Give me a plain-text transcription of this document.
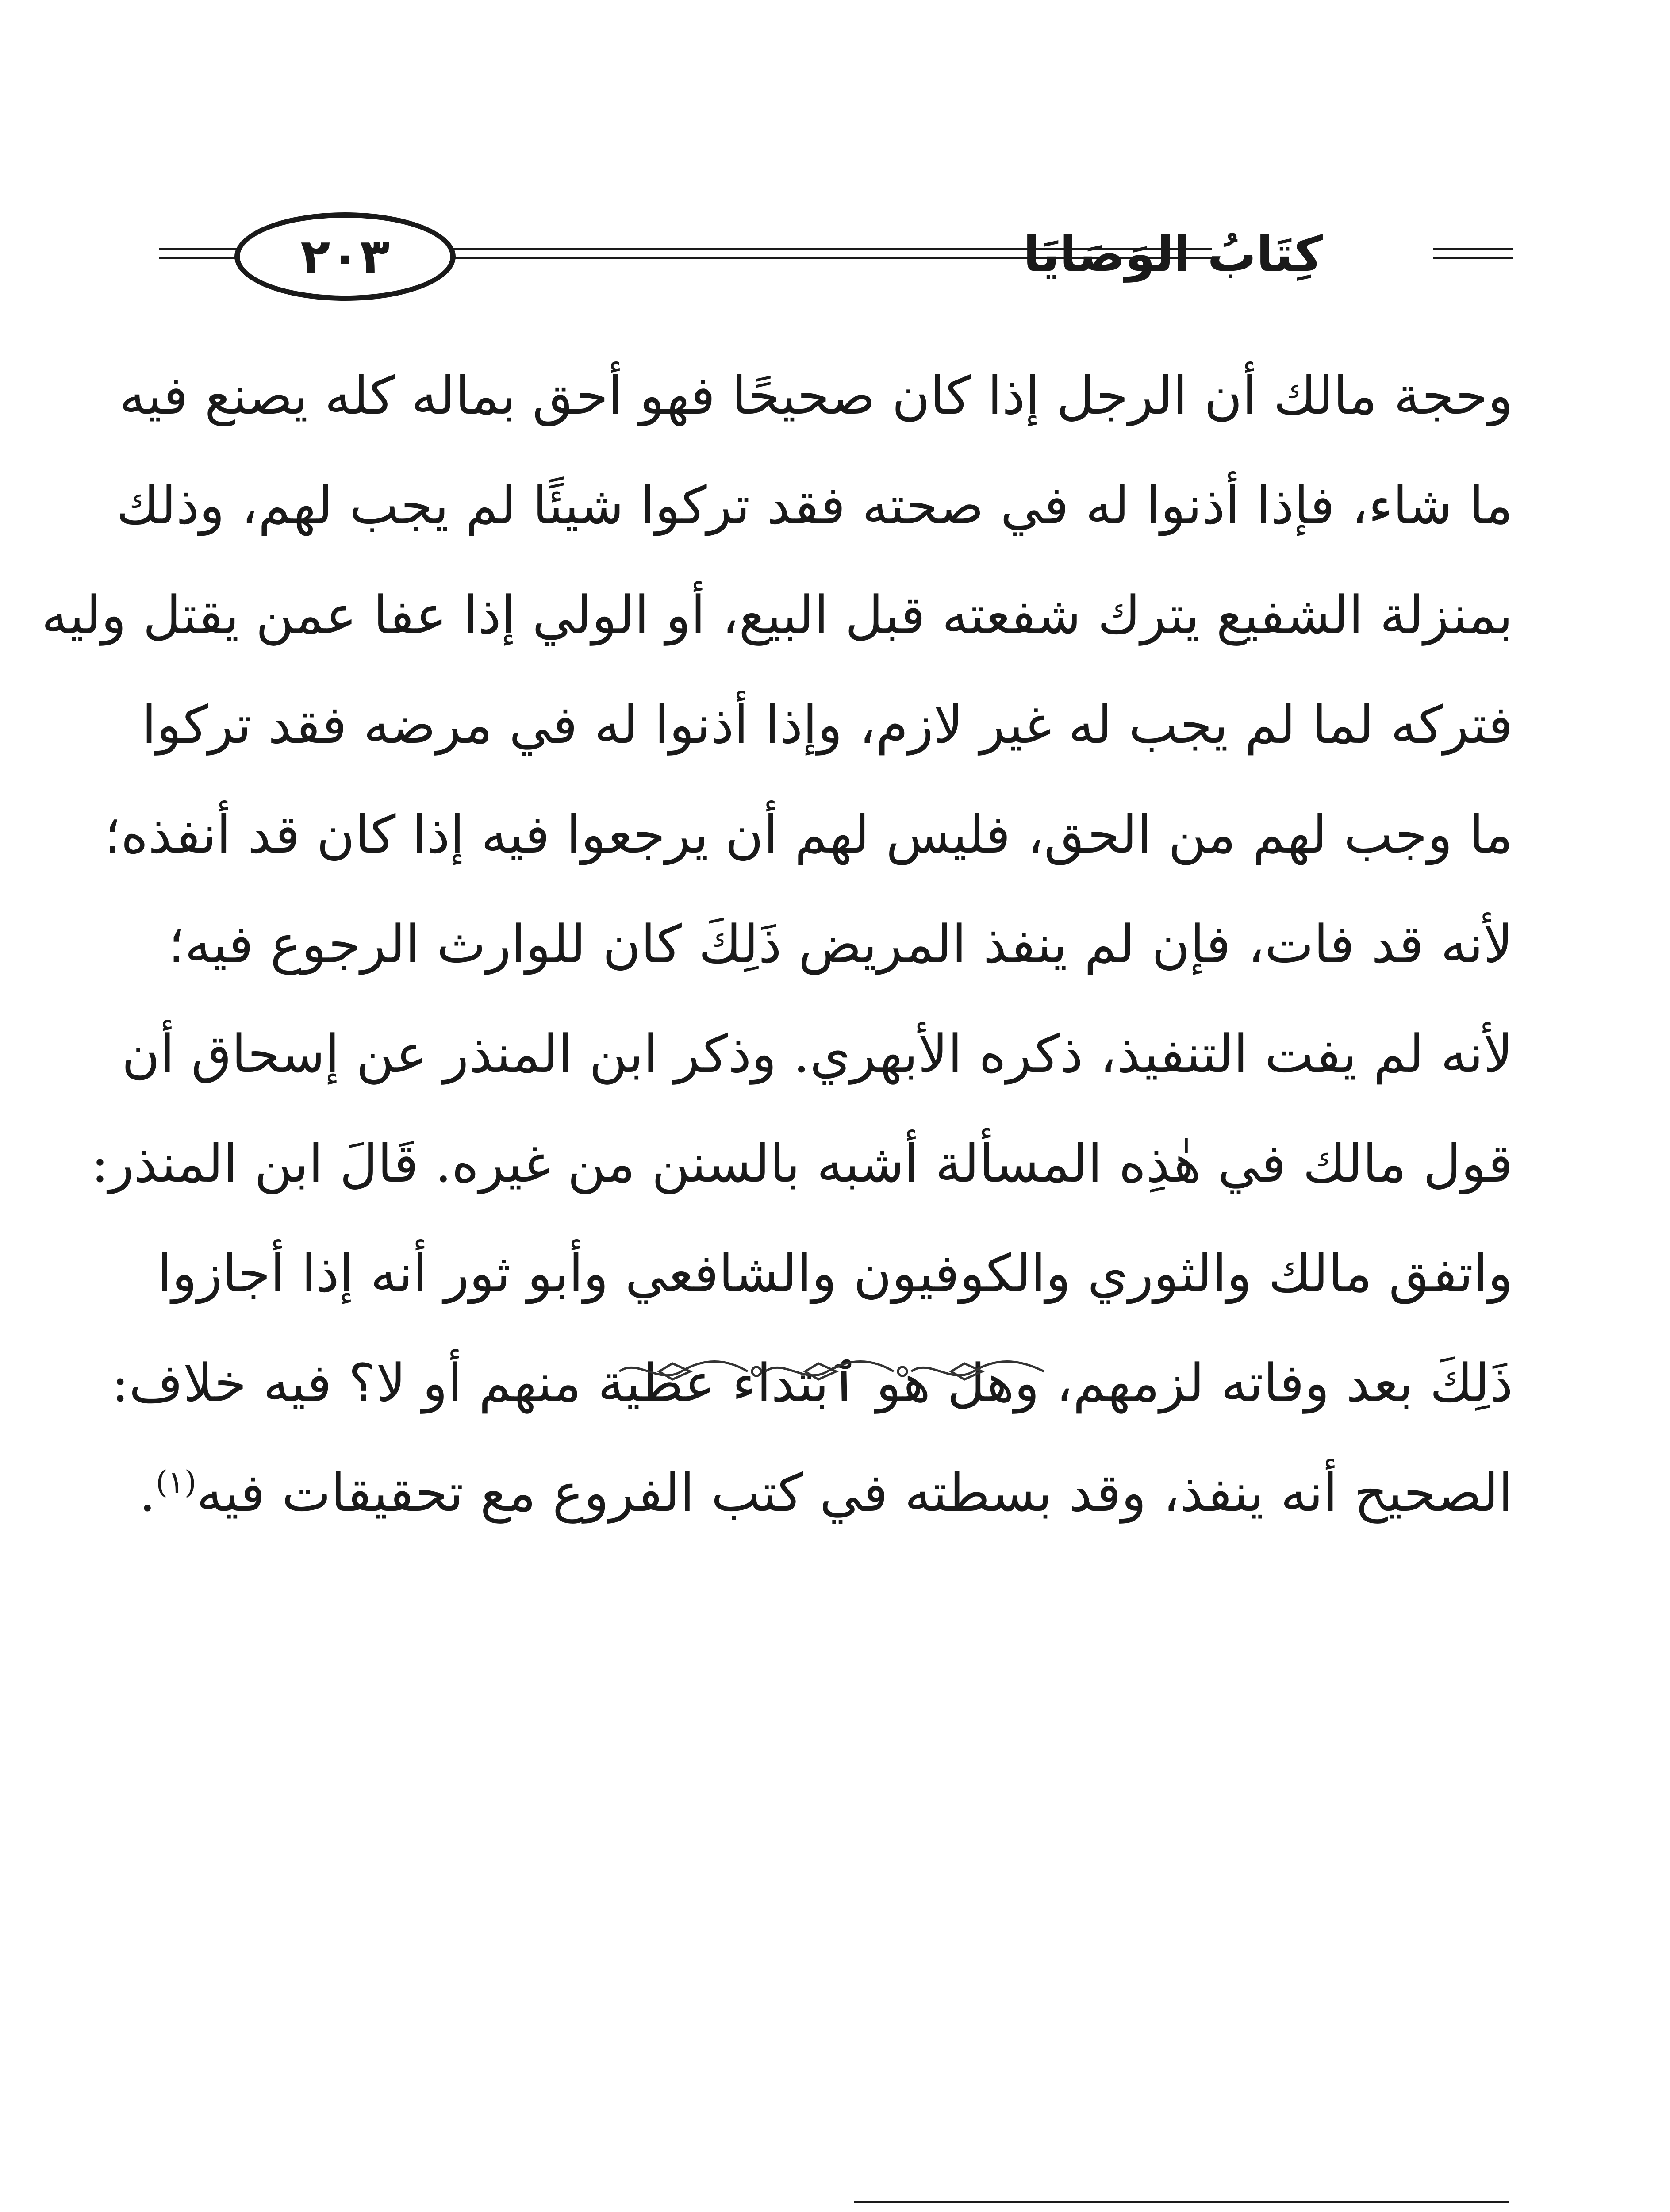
٢٠٣	كِتَابُ الوَصَايَا
وحجة مالك أن الرجل إذا كان صحيحًا فهو أحق بماله كله يصنع فيه
ما شاء، فإذا أذنوا له في صحته فقد تركوا شيئًا لم يجب لهم، وذلك
بمنزلة الشفيع يترك شفعته قبل البيع، أو الولي إذا عفا عمن يقتل وليه
فتركه لما لم يجب له غير لازم، وإذا أذنوا له في مرضه فقد تركوا
ما وجب لهم من الحق، فليس لهم أن يرجعوا فيه إذا كان قد أنفذه؛
لأنه قد فات، فإن لم ينفذ المريض ذَلِكَ كان للوارث الرجوع فيه؛
لأنه لم يفت التنفيذ، ذكره الأبهري. وذكر ابن المنذر عن إسحاق أن
قول مالك في هٰذِه المسألة أشبه بالسنن من غيره. قَالَ ابن المنذر:
واتفق مالك والثوري والكوفيون والشافعي وأبو ثور أنه إذا أجازوا
ذَلِكَ بعد وفاته لزمهم، وهل هو ٱبتداء عطية منهم أو لا؟ فيه خلاف:
الصحيح أنه ينفذ، وقد بسطته في كتب الفروع مع تحقيقات فيه$^{(١)}$.
